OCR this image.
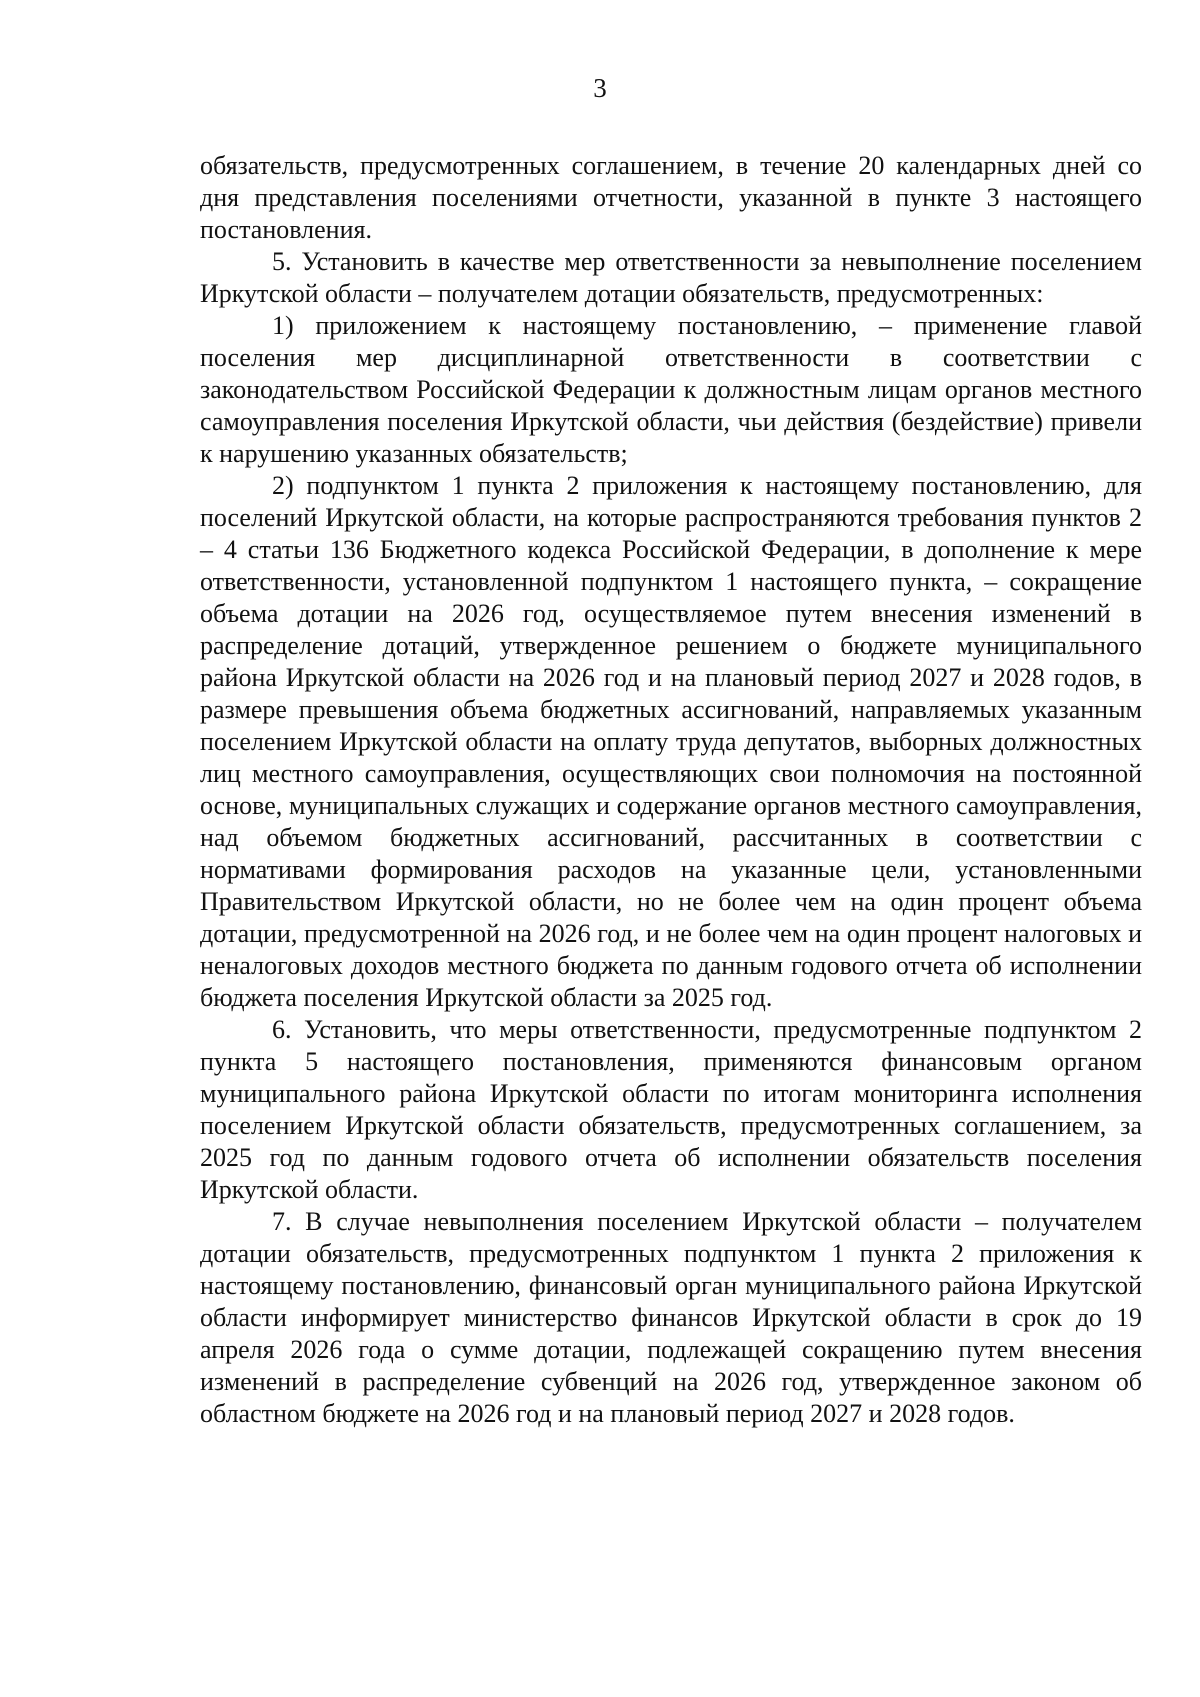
3

обязательств, предусмотренных соглашением, в течение 20 календарных дней со дня представления поселениями отчетности, указанной в пункте 3 настоящего постановления.

5. Установить в качестве мер ответственности за невыполнение поселением Иркутской области – получателем дотации обязательств, предусмотренных:

1) приложением к настоящему постановлению, – применение главой поселения мер дисциплинарной ответственности в соответствии с законодательством Российской Федерации к должностным лицам органов местного самоуправления поселения Иркутской области, чьи действия (бездействие) привели к нарушению указанных обязательств;

2) подпунктом 1 пункта 2 приложения к настоящему постановлению, для поселений Иркутской области, на которые распространяются требования пунктов 2 – 4 статьи 136 Бюджетного кодекса Российской Федерации, в дополнение к мере ответственности, установленной подпунктом 1 настоящего пункта, – сокращение объема дотации на 2026 год, осуществляемое путем внесения изменений в распределение дотаций, утвержденное решением о бюджете муниципального района Иркутской области на 2026 год и на плановый период 2027 и 2028 годов, в размере превышения объема бюджетных ассигнований, направляемых указанным поселением Иркутской области на оплату труда депутатов, выборных должностных лиц местного самоуправления, осуществляющих свои полномочия на постоянной основе, муниципальных служащих и содержание органов местного самоуправления, над объемом бюджетных ассигнований, рассчитанных в соответствии с нормативами формирования расходов на указанные цели, установленными Правительством Иркутской области, но не более чем на один процент объема дотации, предусмотренной на 2026 год, и не более чем на один процент налоговых и неналоговых доходов местного бюджета по данным годового отчета об исполнении бюджета поселения Иркутской области за 2025 год.

6. Установить, что меры ответственности, предусмотренные подпунктом 2 пункта 5 настоящего постановления, применяются финансовым органом муниципального района Иркутской области по итогам мониторинга исполнения поселением Иркутской области обязательств, предусмотренных соглашением, за 2025 год по данным годового отчета об исполнении обязательств поселения Иркутской области.

7. В случае невыполнения поселением Иркутской области – получателем дотации обязательств, предусмотренных подпунктом 1 пункта 2 приложения к настоящему постановлению, финансовый орган муниципального района Иркутской области информирует министерство финансов Иркутской области в срок до 19 апреля 2026 года о сумме дотации, подлежащей сокращению путем внесения изменений в распределение субвенций на 2026 год, утвержденное законом об областном бюджете на 2026 год и на плановый период 2027 и 2028 годов.
